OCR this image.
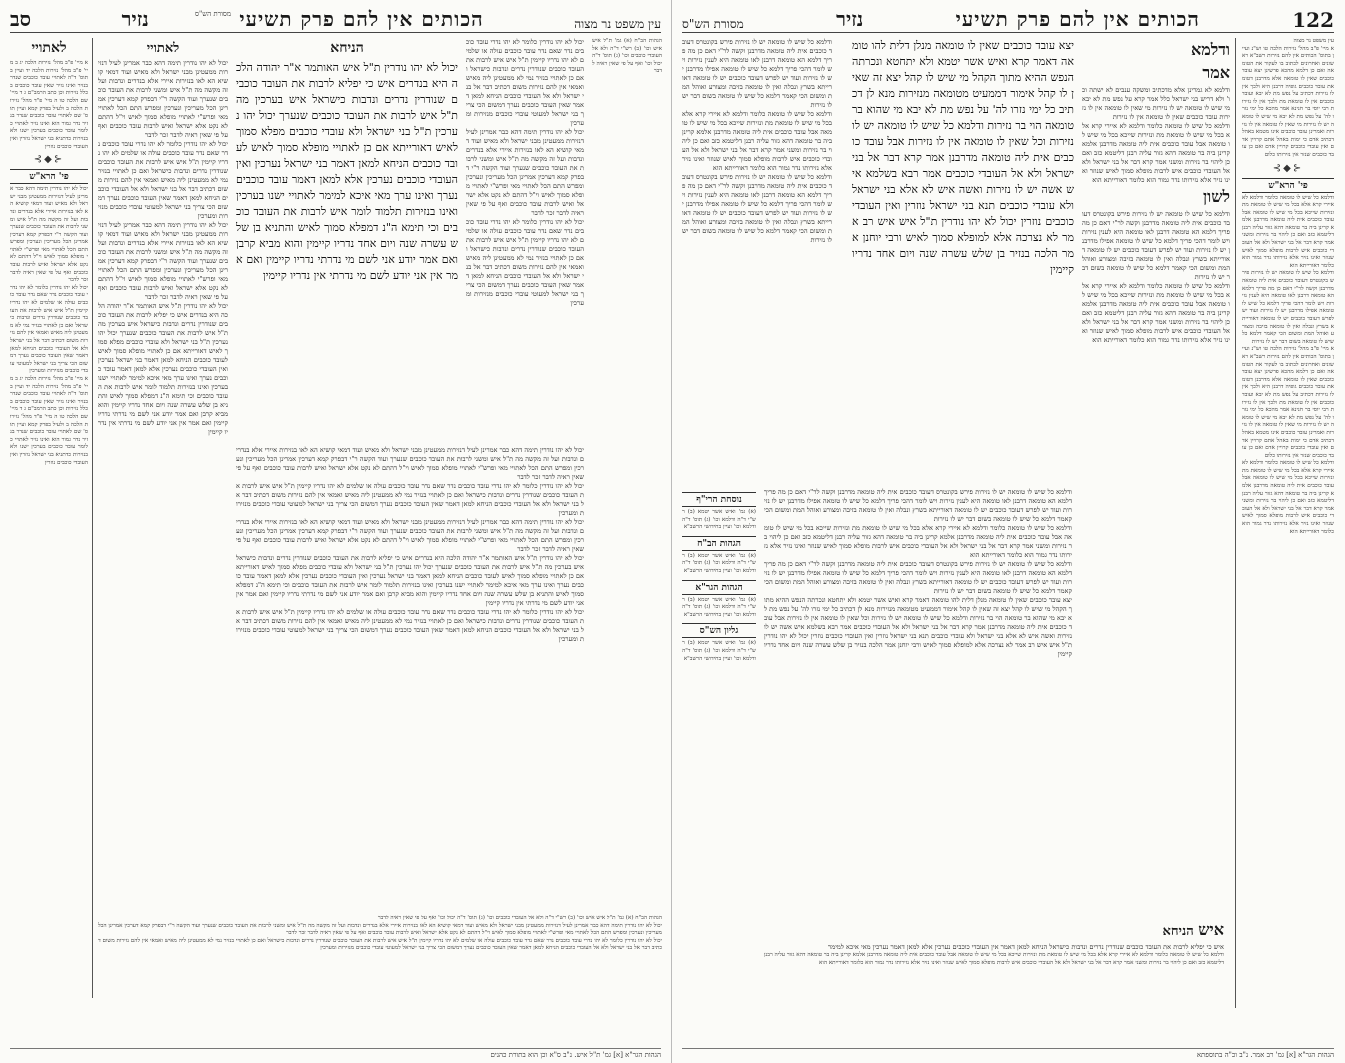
עין משפט נר מצוה
הכותים אין להם פרק תשיעי
נזיר
סב	מסורת הש"ס
לאתויי
א מיי' פ"ב מהל' נזירות הלכה יג ב מיי' פ"ב מהל' נזירות הלכה יד ועיין בתוס' ד"ה לאתויי עובד כוכבים שנדר בנזיר ואינו נזיר שאין עובד כוכבים בכלל נזירות וכן כתב הרמב"ם ג ד מיי' שם הלכה טו ה מיי' פ"ד מהל' נזירות הלכה ב ולעיל בפרק קמא ועיין תוס' שם לאתויי עובד כוכבים שנדר בנזיר נדר גמור הוא ואינו נזיר לאתויי כלומר עובד כוכבים בערכין ישנו ולא בנזירות כדתניא בני ישראל נוזרין ואין העובדי כוכבים נוזרין
⊰◆⊱
פי' הרא"ש
יכול לא יהו נודרין תימה דהא כבר אמרינן לעיל דנזירות ממעטינן מבני ישראל ולא מאיש ועוד דמאי קושיא הא לאו בנזירות איירי אלא בנדרים ונדבות ועל זה מקשה מה ת"ל איש ומשני לרבות את העובד כוכבים שנערך ועוד הקשה ר"י דבפרק קמא דערכין אמרינן הכל מעריכין ונערכין ומפרש התם הכל לאתויי מאי ופרש"י לאתויי מופלא סמוך לאיש וי"ל דהתם לא נקט אלא ישראל ואיש לרבות עובד כוכבים ואף על פי שאין ראיה לדבר זכר לדבר
יכול לא יהו נודרין כלומר לא יהו נדרי עובד כוכבים נדר שאם נדר עובד כוכבים עולה או שלמים לא יהו נדריו קיימין ת"ל איש איש לרבות את העובד כוכבים שנודרין נדרים ונדבות כישראל ואם כן לאתויי בנזיר נמי לא ממעטינן ליה מאיש ואמאי אין להם נזירות משום דכתיב דבר אל בני ישראל ולא אל העובדי כוכבים הניחא למאן דאמר שאין העובד כוכבים נערך דמשום הכי צריך בני ישראל למעוטי עובדי כוכבים מנזירות ומערכין
א מיי' פ"ב מהל' נזירות הלכה יג ב מיי' פ"ב מהל' נזירות הלכה יד ועיין בתוס' ד"ה לאתויי עובד כוכבים שנדר בנזיר ואינו נזיר שאין עובד כוכבים בכלל נזירות וכן כתב הרמב"ם ג ד מיי' שם הלכה טו ה מיי' פ"ד מהל' נזירות הלכה ב ולעיל בפרק קמא ועיין תוס' שם לאתויי עובד כוכבים שנדר בנזיר נדר גמור הוא ואינו נזיר לאתויי כלומר עובד כוכבים בערכין ישנו ולא בנזירות כדתניא בני ישראל נוזרין ואין העובדי כוכבים נוזרין
לאתויי
יכול לא יהו נודרין תימה דהא כבר אמרינן לעיל דנזירות ממעטינן מבני ישראל ולא מאיש ועוד דמאי קושיא הא לאו בנזירות איירי אלא בנדרים ונדבות ועל זה מקשה מה ת"ל איש ומשני לרבות את העובד כוכבים שנערך ועוד הקשה ר"י דבפרק קמא דערכין אמרינן הכל מעריכין ונערכין ומפרש התם הכל לאתויי מאי ופרש"י לאתויי מופלא סמוך לאיש וי"ל דהתם לא נקט אלא ישראל ואיש לרבות עובד כוכבים ואף על פי שאין ראיה לדבר זכר לדבר
יכול לא יהו נודרין כלומר לא יהו נדרי עובד כוכבים נדר שאם נדר עובד כוכבים עולה או שלמים לא יהו נדריו קיימין ת"ל איש איש לרבות את העובד כוכבים שנודרין נדרים ונדבות כישראל ואם כן לאתויי בנזיר נמי לא ממעטינן ליה מאיש ואמאי אין להם נזירות משום דכתיב דבר אל בני ישראל ולא אל העובדי כוכבים הניחא למאן דאמר שאין העובד כוכבים נערך דמשום הכי צריך בני ישראל למעוטי עובדי כוכבים מנזירות ומערכין
יכול לא יהו נודרין תימה דהא כבר אמרינן לעיל דנזירות ממעטינן מבני ישראל ולא מאיש ועוד דמאי קושיא הא לאו בנזירות איירי אלא בנדרים ונדבות ועל זה מקשה מה ת"ל איש ומשני לרבות את העובד כוכבים שנערך ועוד הקשה ר"י דבפרק קמא דערכין אמרינן הכל מעריכין ונערכין ומפרש התם הכל לאתויי מאי ופרש"י לאתויי מופלא סמוך לאיש וי"ל דהתם לא נקט אלא ישראל ואיש לרבות עובד כוכבים ואף על פי שאין ראיה לדבר זכר לדבר
יכול לא יהו נודרין ת"ל איש האותמר א"ר יהודה הלכה היא בנדרים איש כי יפליא לרבות את העובד כוכבים שנודרין נדרים ונדבות כישראל איש בערכין מה ת"ל איש לרבות את העובד כוכבים שנערך יכול יהו נערכין ת"ל בני ישראל ולא עובדי כוכבים מפלא סמוך לאיש דאורייתא אם כן לאתויי מופלא סמוך לאיש לעובד כוכבים הניחא למאן דאמר בני ישראל נערכין ואין העובדי כוכבים נערכין אלא למאן דאמר עובד כוכבים נערך ואינו ערך מאי איכא למימר לאתויי ישנו בערכין ואינו בנזירות תלמוד לומר איש לרבות את העובד כוכבים וכי תימא ה"נ דמפלא סמוך לאיש והתניא בן שלש עשרה שנה ויום אחד נדריו קיימין והוא מביא קרבן ואם אמר יודע אני לשם מי נדרתי נדריו קיימין ואם אמר אין אני יודע לשם מי נדרתי אין נדריו קיימין
הניחא
יכול לא יהו נודרין ת"ל איש האותמר א"ר יהודה הלכה היא בנדרים איש כי יפליא לרבות את העובד כוכבים שנודרין נדרים ונדבות כישראל איש בערכין מה ת"ל איש לרבות את העובד כוכבים שנערך יכול יהו נערכין ת"ל בני ישראל ולא עובדי כוכבים מפלא סמוך לאיש דאורייתא אם כן לאתויי מופלא סמוך לאיש לעובד כוכבים הניחא למאן דאמר בני ישראל נערכין ואין העובדי כוכבים נערכין אלא למאן דאמר עובד כוכבים נערך ואינו ערך מאי איכא למימר לאתויי ישנו בערכין ואינו בנזירות תלמוד לומר איש לרבות את העובד כוכבים וכי תימא ה"נ דמפלא סמוך לאיש והתניא בן שלש עשרה שנה ויום אחד נדריו קיימין והוא מביא קרבן ואם אמר יודע אני לשם מי נדרתי נדריו קיימין ואם אמר אין אני יודע לשם מי נדרתי אין נדריו קיימין
יכול לא יהו נודרין כלומר לא יהו נדרי עובד כוכבים נדר שאם נדר עובד כוכבים עולה או שלמים לא יהו נדריו קיימין ת"ל איש איש לרבות את העובד כוכבים שנודרין נדרים ונדבות כישראל ואם כן לאתויי בנזיר נמי לא ממעטינן ליה מאיש ואמאי אין להם נזירות משום דכתיב דבר אל בני ישראל ולא אל העובדי כוכבים הניחא למאן דאמר שאין העובד כוכבים נערך דמשום הכי צריך בני ישראל למעוטי עובדי כוכבים מנזירות ומערכין
יכול לא יהו נודרין תימה דהא כבר אמרינן לעיל דנזירות ממעטינן מבני ישראל ולא מאיש ועוד דמאי קושיא הא לאו בנזירות איירי אלא בנדרים ונדבות ועל זה מקשה מה ת"ל איש ומשני לרבות את העובד כוכבים שנערך ועוד הקשה ר"י דבפרק קמא דערכין אמרינן הכל מעריכין ונערכין ומפרש התם הכל לאתויי מאי ופרש"י לאתויי מופלא סמוך לאיש וי"ל דהתם לא נקט אלא ישראל ואיש לרבות עובד כוכבים ואף על פי שאין ראיה לדבר זכר לדבר
יכול לא יהו נודרין כלומר לא יהו נדרי עובד כוכבים נדר שאם נדר עובד כוכבים עולה או שלמים לא יהו נדריו קיימין ת"ל איש איש לרבות את העובד כוכבים שנודרין נדרים ונדבות כישראל ואם כן לאתויי בנזיר נמי לא ממעטינן ליה מאיש ואמאי אין להם נזירות משום דכתיב דבר אל בני ישראל ולא אל העובדי כוכבים הניחא למאן דאמר שאין העובד כוכבים נערך דמשום הכי צריך בני ישראל למעוטי עובדי כוכבים מנזירות ומערכין
הגהות הב"ח (א) גמ' ת"ל איש איש וכו' (ב) רש"י ד"ה ולא אל העובדי כוכבים וכו' (ג) תוס' ד"ה יכול וכו' ואף על פי שאין ראיה לדבר
יכול לא יהו נודרין תימה דהא כבר אמרינן לעיל דנזירות ממעטינן מבני ישראל ולא מאיש ועוד דמאי קושיא הא לאו בנזירות איירי אלא בנדרים ונדבות ועל זה מקשה מה ת"ל איש ומשני לרבות את העובד כוכבים שנערך ועוד הקשה ר"י דבפרק קמא דערכין אמרינן הכל מעריכין ונערכין ומפרש התם הכל לאתויי מאי ופרש"י לאתויי מופלא סמוך לאיש וי"ל דהתם לא נקט אלא ישראל ואיש לרבות עובד כוכבים ואף על פי שאין ראיה לדבר זכר לדבר
יכול לא יהו נודרין כלומר לא יהו נדרי עובד כוכבים נדר שאם נדר עובד כוכבים עולה או שלמים לא יהו נדריו קיימין ת"ל איש איש לרבות את העובד כוכבים שנודרין נדרים ונדבות כישראל ואם כן לאתויי בנזיר נמי לא ממעטינן ליה מאיש ואמאי אין להם נזירות משום דכתיב דבר אל בני ישראל ולא אל העובדי כוכבים הניחא למאן דאמר שאין העובד כוכבים נערך דמשום הכי צריך בני ישראל למעוטי עובדי כוכבים מנזירות ומערכין
יכול לא יהו נודרין תימה דהא כבר אמרינן לעיל דנזירות ממעטינן מבני ישראל ולא מאיש ועוד דמאי קושיא הא לאו בנזירות איירי אלא בנדרים ונדבות ועל זה מקשה מה ת"ל איש ומשני לרבות את העובד כוכבים שנערך ועוד הקשה ר"י דבפרק קמא דערכין אמרינן הכל מעריכין ונערכין ומפרש התם הכל לאתויי מאי ופרש"י לאתויי מופלא סמוך לאיש וי"ל דהתם לא נקט אלא ישראל ואיש לרבות עובד כוכבים ואף על פי שאין ראיה לדבר זכר לדבר
יכול לא יהו נודרין ת"ל איש האותמר א"ר יהודה הלכה היא בנדרים איש כי יפליא לרבות את העובד כוכבים שנודרין נדרים ונדבות כישראל איש בערכין מה ת"ל איש לרבות את העובד כוכבים שנערך יכול יהו נערכין ת"ל בני ישראל ולא עובדי כוכבים מפלא סמוך לאיש דאורייתא אם כן לאתויי מופלא סמוך לאיש לעובד כוכבים הניחא למאן דאמר בני ישראל נערכין ואין העובדי כוכבים נערכין אלא למאן דאמר עובד כוכבים נערך ואינו ערך מאי איכא למימר לאתויי ישנו בערכין ואינו בנזירות תלמוד לומר איש לרבות את העובד כוכבים וכי תימא ה"נ דמפלא סמוך לאיש והתניא בן שלש עשרה שנה ויום אחד נדריו קיימין והוא מביא קרבן ואם אמר יודע אני לשם מי נדרתי נדריו קיימין ואם אמר אין אני יודע לשם מי נדרתי אין נדריו קיימין
יכול לא יהו נודרין כלומר לא יהו נדרי עובד כוכבים נדר שאם נדר עובד כוכבים עולה או שלמים לא יהו נדריו קיימין ת"ל איש איש לרבות את העובד כוכבים שנודרין נדרים ונדבות כישראל ואם כן לאתויי בנזיר נמי לא ממעטינן ליה מאיש ואמאי אין להם נזירות משום דכתיב דבר אל בני ישראל ולא אל העובדי כוכבים הניחא למאן דאמר שאין העובד כוכבים נערך דמשום הכי צריך בני ישראל למעוטי עובדי כוכבים מנזירות ומערכין
הגהות הב"ח (א) גמ' ת"ל איש איש וכו' (ב) רש"י ד"ה ולא אל העובדי כוכבים וכו' (ג) תוס' ד"ה יכול וכו' ואף על פי שאין ראיה לדבר
יכול לא יהו נודרין תימה דהא כבר אמרינן לעיל דנזירות ממעטינן מבני ישראל ולא מאיש ועוד דמאי קושיא הא לאו בנזירות איירי אלא בנדרים ונדבות ועל זה מקשה מה ת"ל איש ומשני לרבות את העובד כוכבים שנערך ועוד הקשה ר"י דבפרק קמא דערכין אמרינן הכל מעריכין ונערכין ומפרש התם הכל לאתויי מאי ופרש"י לאתויי מופלא סמוך לאיש וי"ל דהתם לא נקט אלא ישראל ואיש לרבות עובד כוכבים ואף על פי שאין ראיה לדבר זכר לדבר
יכול לא יהו נודרין כלומר לא יהו נדרי עובד כוכבים נדר שאם נדר עובד כוכבים עולה או שלמים לא יהו נדריו קיימין ת"ל איש איש לרבות את העובד כוכבים שנודרין נדרים ונדבות כישראל ואם כן לאתויי בנזיר נמי לא ממעטינן ליה מאיש ואמאי אין להם נזירות משום דכתיב דבר אל בני ישראל ולא אל העובדי כוכבים הניחא למאן דאמר שאין העובד כוכבים נערך דמשום הכי צריך בני ישראל למעוטי עובדי כוכבים מנזירות ומערכין
הגהות הגר"א [א] גמ' ת"ל איש. נ"ב ס"א וכן הוא בתורת כהנים
122
הכותים אין להם פרק תשיעי
נזיר
מסורת הש"ס
עין משפט נר מצוה
א מיי' פ"ב מהל' נזירות הלכה טו וש"נ ועיין בתוס' הכותים אין להם נזירות רשב"א ראשונים ואחרונים לכתוב בו לעקור את הטומאה ואם כן דלמא מהכא פרשינן יצא עובד כוכבים שאין לו טומאה אלא מדרבנן דטומאת עובד כוכבים גופיה דרבנן היא ולכך אין לו נזירות דכתיב על נפש מת לא יבא ועובד כוכבים אין לו טומאת מת ולכך אין לו נזירות רבי יוסי בר חנינא אמר מהכא כל ימי נזרו לה' על נפש מת לא יבא מי שיש לו טומאה יש לו נזירות מי שאין לו טומאה אין לו נזירות ואמרינן עובד כוכבים אינו מטמא באהל דכתיב אדם כי ימות באהל אתם קרויין אדם ואין עובדי כוכבים קרויין אדם ואם כן עובד כוכבים שנזר אין נזירותו כלום
⊰◆⊱
פי' הרא"ש
ודלמא כל שיש לו טומאה כלומר ודלמא לא איירי קרא אלא בכל מי שיש לו טומאת מת ונזירות שייכא בכל מי שיש לו טומאה אבל עובד כוכבים אית ליה טומאה מדרבנן אלמא קרינן ביה בר טומאה דהא גזור עליה רבנן דליטמא כזב ואם כן ליהוי בר נזירות ומשני אמר קרא דבר אל בני ישראל ולא אל העובדי כוכבים איש לרבות מופלא סמוך לאיש שנוזר ואינו נזיר אלא נזירותו נדר גמור הוא כלומר דאורייתא הוא
ודלמא כל שיש לו טומאה יש לו נזירות פירש בקונטרס דעובד כוכבים אית ליה טומאה מדרבנן וקשה לר"י דאם כן מה פריך דלמא הא טומאה דרבנן לאו טומאה היא לענין נזירות ויש לומר דהכי פריך דלמא כל שיש לו טומאה אפילו מדרבנן יש לו נזירות ועוד יש לפרש דעובד כוכבים יש לו טומאה דאורייתא בשרץ ונבלה ואין לו טומאה בזיבה ומצורע ואוהל המת ומשום הכי קאמר דלמא כל שיש לו טומאה בשום דבר יש לו נזירות
א מיי' פ"ב מהל' נזירות הלכה טו וש"נ ועיין בתוס' הכותים אין להם נזירות רשב"א ראשונים ואחרונים לכתוב בו לעקור את הטומאה ואם כן דלמא מהכא פרשינן יצא עובד כוכבים שאין לו טומאה אלא מדרבנן דטומאת עובד כוכבים גופיה דרבנן היא ולכך אין לו נזירות דכתיב על נפש מת לא יבא ועובד כוכבים אין לו טומאת מת ולכך אין לו נזירות רבי יוסי בר חנינא אמר מהכא כל ימי נזרו לה' על נפש מת לא יבא מי שיש לו טומאה יש לו נזירות מי שאין לו טומאה אין לו נזירות ואמרינן עובד כוכבים אינו מטמא באהל דכתיב אדם כי ימות באהל אתם קרויין אדם ואין עובדי כוכבים קרויין אדם ואם כן עובד כוכבים שנזר אין נזירותו כלום
ודלמא כל שיש לו טומאה כלומר ודלמא לא איירי קרא אלא בכל מי שיש לו טומאת מת ונזירות שייכא בכל מי שיש לו טומאה אבל עובד כוכבים אית ליה טומאה מדרבנן אלמא קרינן ביה בר טומאה דהא גזור עליה רבנן דליטמא כזב ואם כן ליהוי בר נזירות ומשני אמר קרא דבר אל בני ישראל ולא אל העובדי כוכבים איש לרבות מופלא סמוך לאיש שנוזר ואינו נזיר אלא נזירותו נדר גמור הוא כלומר דאורייתא הוא
ודלמא
אמר
ודלמא לא גמרינן אלא מדכתיב ומשקה ענבים לא ישתה וכו' ולא דריש בני ישראל כלל אמר קרא על נפש מת לא יבא מי שיש לו טומאה יש לו נזירות מי שאין לו טומאה אין לו נזירות עובד כוכבים שאין לו טומאה אין לו נזירות
ודלמא כל שיש לו טומאה כלומר ודלמא לא איירי קרא אלא בכל מי שיש לו טומאת מת ונזירות שייכא בכל מי שיש לו טומאה אבל עובד כוכבים אית ליה טומאה מדרבנן אלמא קרינן ביה בר טומאה דהא גזור עליה רבנן דליטמא כזב ואם כן ליהוי בר נזירות ומשני אמר קרא דבר אל בני ישראל ולא אל העובדי כוכבים איש לרבות מופלא סמוך לאיש שנוזר ואינו נזיר אלא נזירותו נדר גמור הוא כלומר דאורייתא הוא
לשון
ודלמא כל שיש לו טומאה יש לו נזירות פירש בקונטרס דעובד כוכבים אית ליה טומאה מדרבנן וקשה לר"י דאם כן מה פריך דלמא הא טומאה דרבנן לאו טומאה היא לענין נזירות ויש לומר דהכי פריך דלמא כל שיש לו טומאה אפילו מדרבנן יש לו נזירות ועוד יש לפרש דעובד כוכבים יש לו טומאה דאורייתא בשרץ ונבלה ואין לו טומאה בזיבה ומצורע ואוהל המת ומשום הכי קאמר דלמא כל שיש לו טומאה בשום דבר יש לו נזירות
ודלמא כל שיש לו טומאה כלומר ודלמא לא איירי קרא אלא בכל מי שיש לו טומאת מת ונזירות שייכא בכל מי שיש לו טומאה אבל עובד כוכבים אית ליה טומאה מדרבנן אלמא קרינן ביה בר טומאה דהא גזור עליה רבנן דליטמא כזב ואם כן ליהוי בר נזירות ומשני אמר קרא דבר אל בני ישראל ולא אל העובדי כוכבים איש לרבות מופלא סמוך לאיש שנוזר ואינו נזיר אלא נזירותו נדר גמור הוא כלומר דאורייתא הוא
יצא עובד כוכבים שאין לו טומאה מנלן דלית להו טומאה דאמר קרא ואיש אשר יטמא ולא יתחטא ונכרתה הנפש ההיא מתוך הקהל מי שיש לו קהל יצא זה שאין לו קהל אימור דממעיט מטומאה מנזירות מנא לן דכתיב כל ימי נזרו לה' על נפש מת לא יבא מי שהוא בר טומאה הוי בר נזירות ודלמא כל שיש לו טומאה יש לו נזירות וכל שאין לו טומאה אין לו נזירות אבל עובד כוכבים אית ליה טומאה מדרבנן אמר קרא דבר אל בני ישראל ולא אל העובדי כוכבים אמר רבא בשלמא איש אשה יש לו נזירות ואשה איש לא אלא בני ישראל ולא עובדי כוכבים תנא בני ישראל נוזרין ואין העובדי כוכבים נוזרין יכול לא יהו נודרין ת"ל איש איש רב אמר לא נצרכה אלא למופלא סמוך לאיש ורבי יוחנן אמר הלכה בנזיר בן שלש עשרה שנה ויום אחד נדריו קיימין
ודלמא כל שיש לו טומאה יש לו נזירות פירש בקונטרס דעובד כוכבים אית ליה טומאה מדרבנן וקשה לר"י דאם כן מה פריך דלמא הא טומאה דרבנן לאו טומאה היא לענין נזירות ויש לומר דהכי פריך דלמא כל שיש לו טומאה אפילו מדרבנן יש לו נזירות ועוד יש לפרש דעובד כוכבים יש לו טומאה דאורייתא בשרץ ונבלה ואין לו טומאה בזיבה ומצורע ואוהל המת ומשום הכי קאמר דלמא כל שיש לו טומאה בשום דבר יש לו נזירות
ודלמא כל שיש לו טומאה כלומר ודלמא לא איירי קרא אלא בכל מי שיש לו טומאת מת ונזירות שייכא בכל מי שיש לו טומאה אבל עובד כוכבים אית ליה טומאה מדרבנן אלמא קרינן ביה בר טומאה דהא גזור עליה רבנן דליטמא כזב ואם כן ליהוי בר נזירות ומשני אמר קרא דבר אל בני ישראל ולא אל העובדי כוכבים איש לרבות מופלא סמוך לאיש שנוזר ואינו נזיר אלא נזירותו נדר גמור הוא כלומר דאורייתא הוא
ודלמא כל שיש לו טומאה יש לו נזירות פירש בקונטרס דעובד כוכבים אית ליה טומאה מדרבנן וקשה לר"י דאם כן מה פריך דלמא הא טומאה דרבנן לאו טומאה היא לענין נזירות ויש לומר דהכי פריך דלמא כל שיש לו טומאה אפילו מדרבנן יש לו נזירות ועוד יש לפרש דעובד כוכבים יש לו טומאה דאורייתא בשרץ ונבלה ואין לו טומאה בזיבה ומצורע ואוהל המת ומשום הכי קאמר דלמא כל שיש לו טומאה בשום דבר יש לו נזירות
נוסחת הרי"ף
(א) גמ' ואיש אשר יטמא (ב) רש"י ד"ה ודלמא וכו' (ג) תוס' ד"ה ודלמא וכו' ועיין בחידושי הרשב"א
הגהות הב"ח
(א) גמ' ואיש אשר יטמא (ב) רש"י ד"ה ודלמא וכו' (ג) תוס' ד"ה ודלמא וכו' ועיין בחידושי הרשב"א
הגהות הגר"א
(א) גמ' ואיש אשר יטמא (ב) רש"י ד"ה ודלמא וכו' (ג) תוס' ד"ה ודלמא וכו' ועיין בחידושי הרשב"א
גליון הש"ס
(א) גמ' ואיש אשר יטמא (ב) רש"י ד"ה ודלמא וכו' (ג) תוס' ד"ה ודלמא וכו' ועיין בחידושי הרשב"א
ודלמא כל שיש לו טומאה יש לו נזירות פירש בקונטרס דעובד כוכבים אית ליה טומאה מדרבנן וקשה לר"י דאם כן מה פריך דלמא הא טומאה דרבנן לאו טומאה היא לענין נזירות ויש לומר דהכי פריך דלמא כל שיש לו טומאה אפילו מדרבנן יש לו נזירות ועוד יש לפרש דעובד כוכבים יש לו טומאה דאורייתא בשרץ ונבלה ואין לו טומאה בזיבה ומצורע ואוהל המת ומשום הכי קאמר דלמא כל שיש לו טומאה בשום דבר יש לו נזירות
ודלמא כל שיש לו טומאה כלומר ודלמא לא איירי קרא אלא בכל מי שיש לו טומאת מת ונזירות שייכא בכל מי שיש לו טומאה אבל עובד כוכבים אית ליה טומאה מדרבנן אלמא קרינן ביה בר טומאה דהא גזור עליה רבנן דליטמא כזב ואם כן ליהוי בר נזירות ומשני אמר קרא דבר אל בני ישראל ולא אל העובדי כוכבים איש לרבות מופלא סמוך לאיש שנוזר ואינו נזיר אלא נזירותו נדר גמור הוא כלומר דאורייתא הוא
ודלמא כל שיש לו טומאה יש לו נזירות פירש בקונטרס דעובד כוכבים אית ליה טומאה מדרבנן וקשה לר"י דאם כן מה פריך דלמא הא טומאה דרבנן לאו טומאה היא לענין נזירות ויש לומר דהכי פריך דלמא כל שיש לו טומאה אפילו מדרבנן יש לו נזירות ועוד יש לפרש דעובד כוכבים יש לו טומאה דאורייתא בשרץ ונבלה ואין לו טומאה בזיבה ומצורע ואוהל המת ומשום הכי קאמר דלמא כל שיש לו טומאה בשום דבר יש לו נזירות
יצא עובד כוכבים שאין לו טומאה מנלן דלית להו טומאה דאמר קרא ואיש אשר יטמא ולא יתחטא ונכרתה הנפש ההיא מתוך הקהל מי שיש לו קהל יצא זה שאין לו קהל אימור דממעיט מטומאה מנזירות מנא לן דכתיב כל ימי נזרו לה' על נפש מת לא יבא מי שהוא בר טומאה הוי בר נזירות ודלמא כל שיש לו טומאה יש לו נזירות וכל שאין לו טומאה אין לו נזירות אבל עובד כוכבים אית ליה טומאה מדרבנן אמר קרא דבר אל בני ישראל ולא אל העובדי כוכבים אמר רבא בשלמא איש אשה יש לו נזירות ואשה איש לא אלא בני ישראל ולא עובדי כוכבים תנא בני ישראל נוזרין ואין העובדי כוכבים נוזרין יכול לא יהו נודרין ת"ל איש איש רב אמר לא נצרכה אלא למופלא סמוך לאיש ורבי יוחנן אמר הלכה בנזיר בן שלש עשרה שנה ויום אחד נדריו קיימין
איש הניחא
איש כי יפליא לרבות את העובד כוכבים שנודרין נדרים ונדבות כישראל הניחא למאן דאמר אין העובדי כוכבים נערכין אלא למאן דאמר נערכין מאי איכא למימר
ודלמא כל שיש לו טומאה כלומר ודלמא לא איירי קרא אלא בכל מי שיש לו טומאת מת ונזירות שייכא בכל מי שיש לו טומאה אבל עובד כוכבים אית ליה טומאה מדרבנן אלמא קרינן ביה בר טומאה דהא גזור עליה רבנן דליטמא כזב ואם כן ליהוי בר נזירות ומשני אמר קרא דבר אל בני ישראל ולא אל העובדי כוכבים איש לרבות מופלא סמוך לאיש שנוזר ואינו נזיר אלא נזירותו נדר גמור הוא כלומר דאורייתא הוא
הגהות הגר"א [א] גמ' רב אמר. נ"ב וכ"ה בתוספתא
